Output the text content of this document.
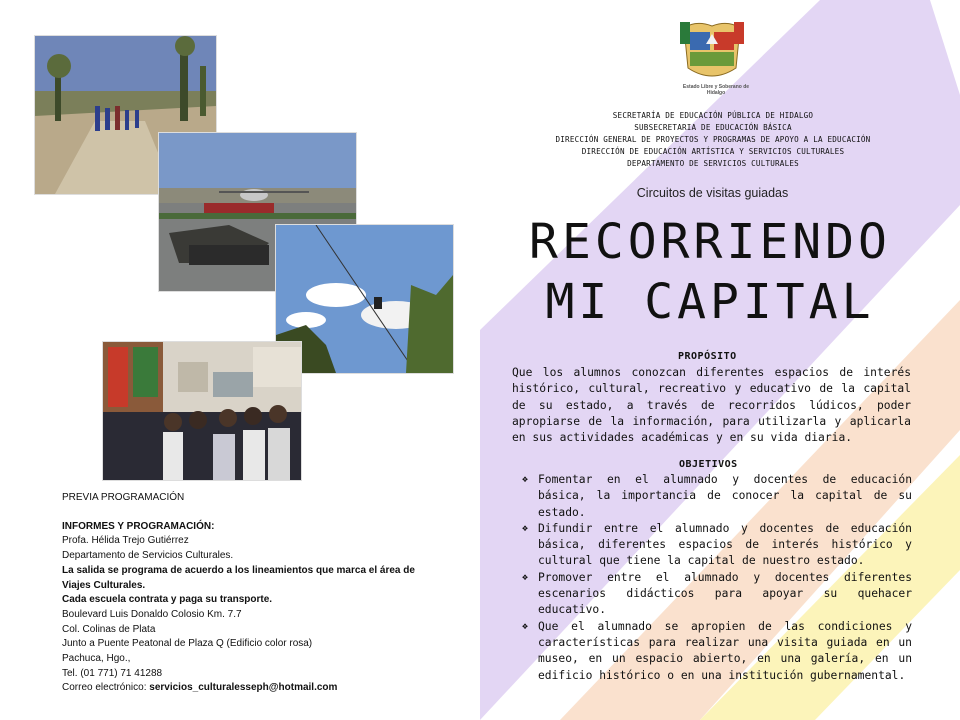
PREVIA PROGRAMACIÓN
INFORMES Y PROGRAMACIÓN:
Profa. Hélida Trejo Gutiérrez
Departamento de Servicios Culturales.
La salida se programa de acuerdo a los lineamientos que marca el área de
Viajes Culturales.
Cada escuela contrata y paga su transporte.
Boulevard Luis Donaldo Colosio Km. 7.7
Col. Colinas de Plata
Junto a Puente Peatonal de Plaza Q (Edificio color rosa)
Pachuca, Hgo.,
Tel. (01 771) 71 41288
Correo electrónico: servicios_culturalesseph@hotmail.com
Estado Libre y Soberano de Hidalgo
SECRETARÍA DE EDUCACIÓN PÚBLICA DE HIDALGO
SUBSECRETARIA DE EDUCACIÓN BÁSICA
DIRECCIÓN GENERAL DE PROYECTOS Y PROGRAMAS DE APOYO A LA EDUCACIÓN
DIRECCIÓN DE EDUCACIÓN ARTÍSTICA Y SERVICIOS CULTURALES
DEPARTAMENTO DE SERVICIOS CULTURALES
Circuitos de visitas guiadas
RECORRIENDO
MI CAPITAL
PROPÓSITO
Que los alumnos conozcan diferentes espacios de interés histórico, cultural, recreativo y educativo de la capital de su estado, a través de recorridos lúdicos, poder apropiarse de la información, para utilizarla y aplicarla en sus actividades académicas y en su vida diaria.
OBJETIVOS
❖ Fomentar en el alumnado y docentes de educación básica, la importancia de conocer la capital de su estado.
❖ Difundir entre el alumnado y docentes de educación básica, diferentes espacios de interés histórico y cultural que tiene la capital de nuestro estado.
❖ Promover entre el alumnado y docentes diferentes escenarios didácticos para apoyar su quehacer educativo.
❖ Que el alumnado se apropien de las condiciones y características para realizar una visita guiada en un museo, en un espacio abierto, en una galería, en un edificio histórico o en una institución gubernamental.
